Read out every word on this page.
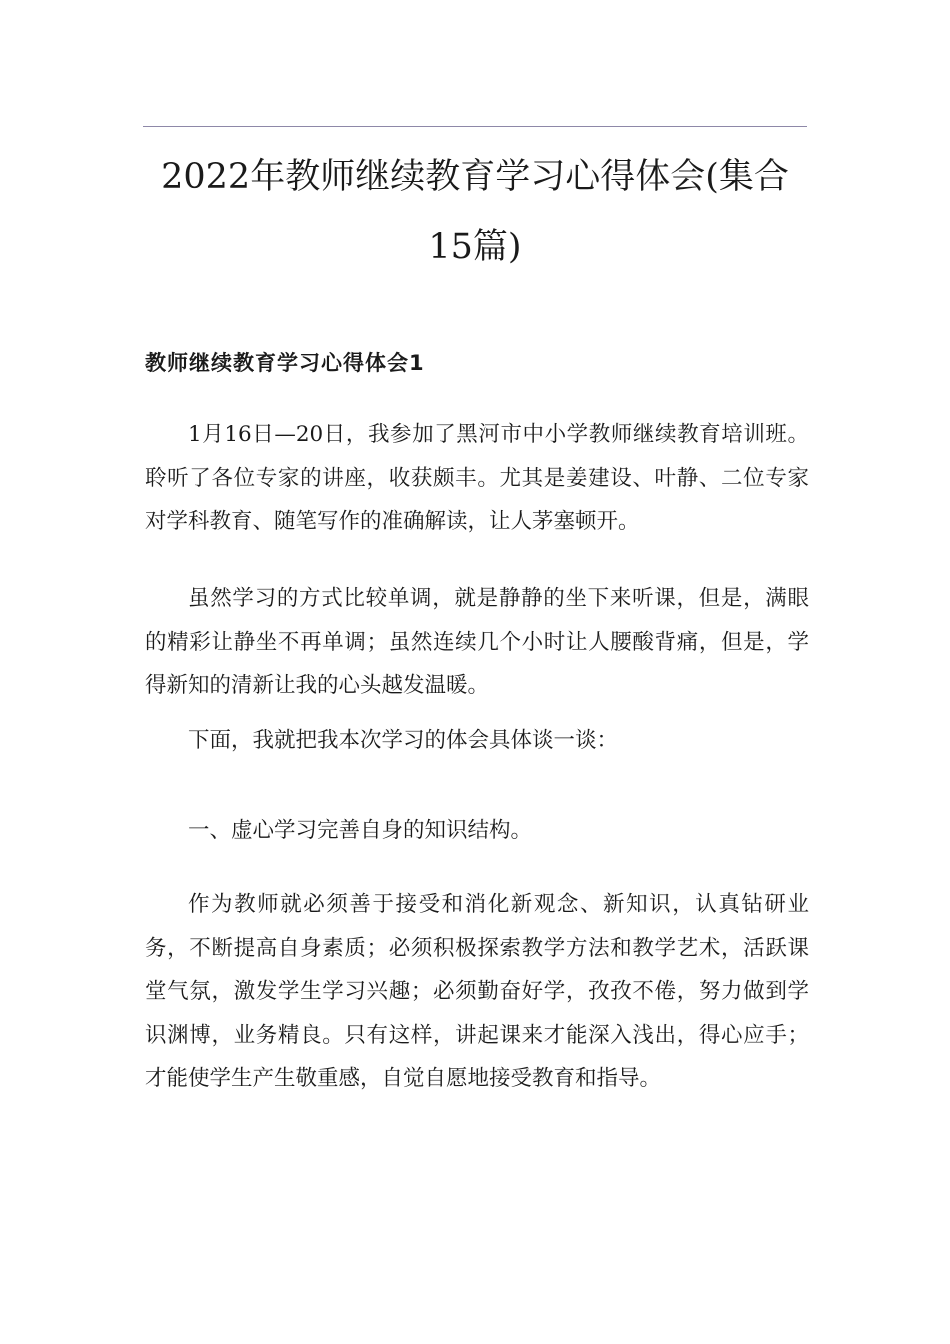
2022年教师继续教育学习心得体会(集合
15篇)
教师继续教育学习心得体会1

1月16日—20日，我参加了黑河市中小学教师继续教育培训班。聆听了各位专家的讲座，收获颇丰。尤其是姜建设、叶静、二位专家对学科教育、随笔写作的准确解读，让人茅塞顿开。

虽然学习的方式比较单调，就是静静的坐下来听课，但是，满眼的精彩让静坐不再单调；虽然连续几个小时让人腰酸背痛，但是，学得新知的清新让我的心头越发温暖。

下面，我就把我本次学习的体会具体谈一谈：

一、虚心学习完善自身的知识结构。

作为教师就必须善于接受和消化新观念、新知识，认真钻研业务，不断提高自身素质；必须积极探索教学方法和教学艺术，活跃课堂气氛，激发学生学习兴趣；必须勤奋好学，孜孜不倦，努力做到学识渊博，业务精良。只有这样，讲起课来才能深入浅出，得心应手；才能使学生产生敬重感，自觉自愿地接受教育和指导。
